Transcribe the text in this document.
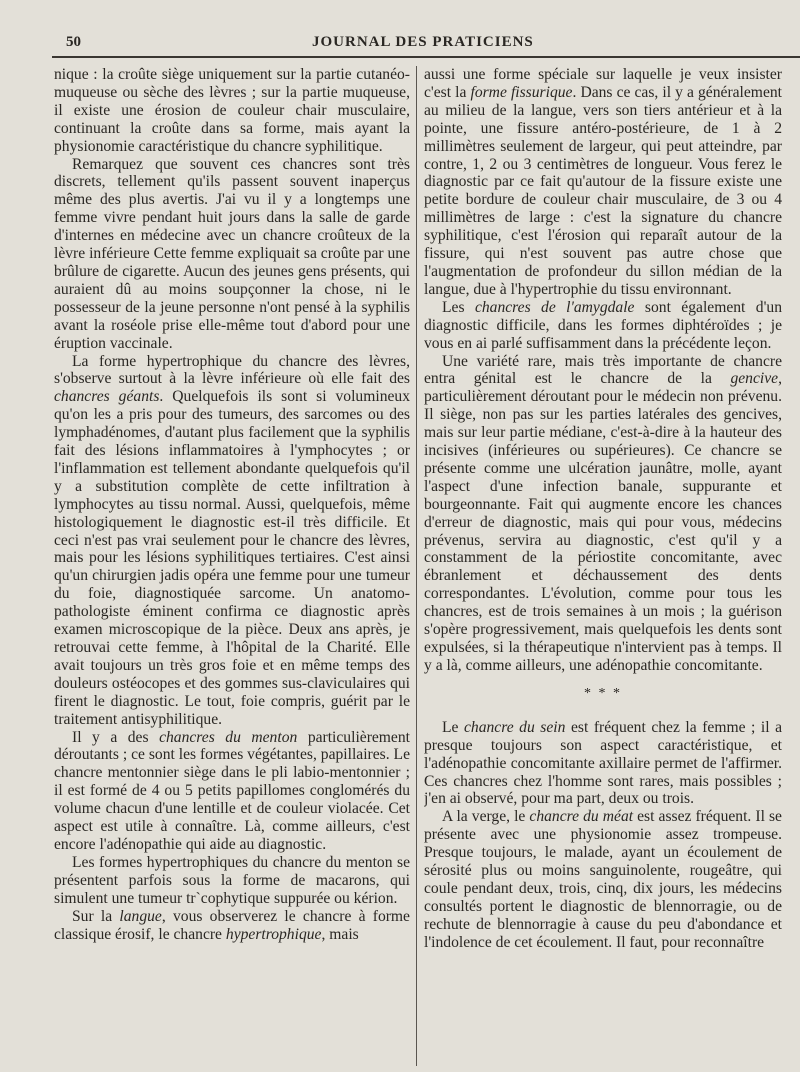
50	JOURNAL DES PRATICIENS

nique : la croûte siège uniquement sur la partie cutanéo-muqueuse ou sèche des lèvres ; sur la partie muqueuse, il existe une érosion de couleur chair musculaire, continuant la croûte dans sa forme, mais ayant la physionomie caractéristique du chancre syphilitique.

Remarquez que souvent ces chancres sont très discrets, tellement qu'ils passent souvent inaperçus même des plus avertis. J'ai vu il y a longtemps une femme vivre pendant huit jours dans la salle de garde d'internes en médecine avec un chancre croûteux de la lèvre inférieure Cette femme expliquait sa croûte par une brûlure de cigarette. Aucun des jeunes gens présents, qui auraient dû au moins soupçonner la chose, ni le possesseur de la jeune personne n'ont pensé à la syphilis avant la roséole prise elle-même tout d'abord pour une éruption vaccinale.

La forme hypertrophique du chancre des lèvres, s'observe surtout à la lèvre inférieure où elle fait des chancres géants. Quelquefois ils sont si volumineux qu'on les a pris pour des tumeurs, des sarcomes ou des lymphadénomes, d'autant plus facilement que la syphilis fait des lésions inflammatoires à l'ymphocytes ; or l'inflammation est tellement abondante quelquefois qu'il y a substitution complète de cette infiltration à lymphocytes au tissu normal. Aussi, quelquefois, même histologiquement le diagnostic est-il très difficile. Et ceci n'est pas vrai seulement pour le chancre des lèvres, mais pour les lésions syphilitiques tertiaires. C'est ainsi qu'un chirurgien jadis opéra une femme pour une tumeur du foie, diagnostiquée sarcome. Un anatomo-pathologiste éminent confirma ce diagnostic après examen microscopique de la pièce. Deux ans après, je retrouvai cette femme, à l'hôpital de la Charité. Elle avait toujours un très gros foie et en même temps des douleurs ostéocopes et des gommes sus-claviculaires qui firent le diagnostic. Le tout, foie compris, guérit par le traitement antisyphilitique.

Il y a des chancres du menton particulièrement déroutants ; ce sont les formes végétantes, papillaires. Le chancre mentonnier siège dans le pli labio-mentonnier ; il est formé de 4 ou 5 petits papillomes conglomérés du volume chacun d'une lentille et de couleur violacée. Cet aspect est utile à connaître. Là, comme ailleurs, c'est encore l'adénopathie qui aide au diagnostic.

Les formes hypertrophiques du chancre du menton se présentent parfois sous la forme de macarons, qui simulent une tumeur tr`cophytique suppurée ou kérion.

Sur la langue, vous observerez le chancre à forme classique érosif, le chancre hypertrophique, mais

aussi une forme spéciale sur laquelle je veux insister c'est la forme fissurique. Dans ce cas, il y a généralement au milieu de la langue, vers son tiers antérieur et à la pointe, une fissure antéro-postérieure, de 1 à 2 millimètres seulement de largeur, qui peut atteindre, par contre, 1, 2 ou 3 centimètres de longueur. Vous ferez le diagnostic par ce fait qu'autour de la fissure existe une petite bordure de couleur chair musculaire, de 3 ou 4 millimètres de large : c'est la signature du chancre syphilitique, c'est l'érosion qui reparaît autour de la fissure, qui n'est souvent pas autre chose que l'augmentation de profondeur du sillon médian de la langue, due à l'hypertrophie du tissu environnant.

Les chancres de l'amygdale sont également d'un diagnostic difficile, dans les formes diphtéroïdes ; je vous en ai parlé suffisamment dans la précédente leçon.

Une variété rare, mais très importante de chancre entra génital est le chancre de la gencive, particulièrement déroutant pour le médecin non prévenu. Il siège, non pas sur les parties latérales des gencives, mais sur leur partie médiane, c'est-à-dire à la hauteur des incisives (inférieures ou supérieures). Ce chancre se présente comme une ulcération jaunâtre, molle, ayant l'aspect d'une infection banale, suppurante et bourgeonnante. Fait qui augmente encore les chances d'erreur de diagnostic, mais qui pour vous, médecins prévenus, servira au diagnostic, c'est qu'il y a constamment de la périostite concomitante, avec ébranlement et déchaussement des dents correspondantes. L'évolution, comme pour tous les chancres, est de trois semaines à un mois ; la guérison s'opère progressivement, mais quelquefois les dents sont expulsées, si la thérapeutique n'intervient pas à temps. Il y a là, comme ailleurs, une adénopathie concomitante.

* * *

Le chancre du sein est fréquent chez la femme ; il a presque toujours son aspect caractéristique, et l'adénopathie concomitante axillaire permet de l'affirmer. Ces chancres chez l'homme sont rares, mais possibles ; j'en ai observé, pour ma part, deux ou trois.

A la verge, le chancre du méat est assez fréquent. Il se présente avec une physionomie assez trompeuse. Presque toujours, le malade, ayant un écoulement de sérosité plus ou moins sanguinolente, rougeâtre, qui coule pendant deux, trois, cinq, dix jours, les médecins consultés portent le diagnostic de blennorragie, ou de rechute de blennorragie à cause du peu d'abondance et l'indolence de cet écoulement. Il faut, pour reconnaître
